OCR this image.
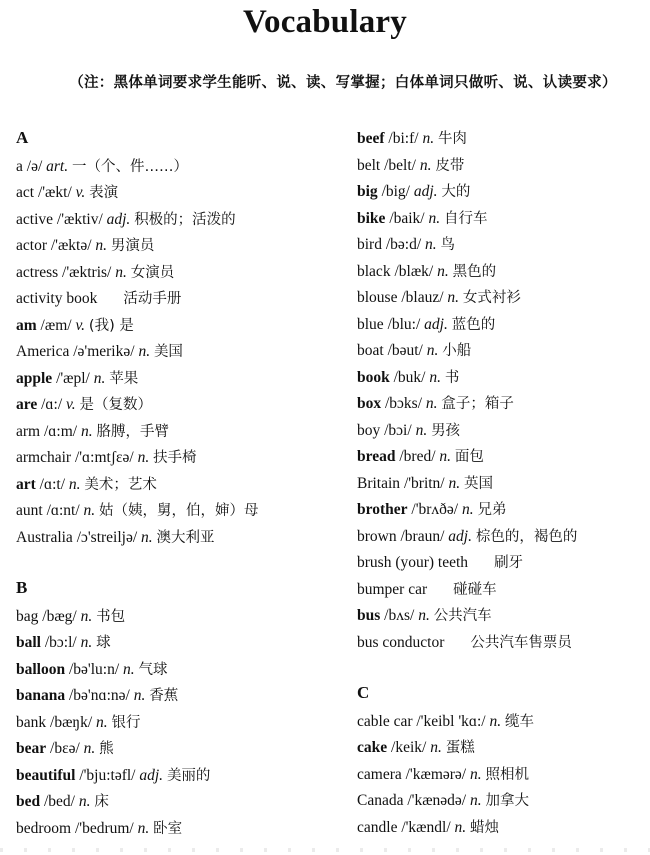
Vocabulary
（注：黑体单词要求学生能听、说、读、写掌握；白体单词只做听、说、认读要求）
A
a /ə/ art. 一（个、件……）
act /'ækt/ v. 表演
active /'æktiv/ adj. 积极的；活泼的
actor /'æktə/ n. 男演员
actress /'æktris/ n. 女演员
activity book 活动手册
am /æm/ v. (我) 是
America /ə'merikə/ n. 美国
apple /'æpl/ n. 苹果
are /ɑ:/ v. 是（复数）
arm /ɑ:m/ n. 胳膊，手臂
armchair /'ɑ:mtʃεə/ n. 扶手椅
art /ɑ:t/ n. 美术；艺术
aunt /ɑ:nt/ n. 姑（姨，舅，伯，婶）母
Australia /ɔ'streiljə/ n. 澳大利亚
B
bag /bæg/ n. 书包
ball /bɔ:l/ n. 球
balloon /bə'lu:n/ n. 气球
banana /bə'nɑ:nə/ n. 香蕉
bank /bæŋk/ n. 银行
bear /bεə/ n. 熊
beautiful /'bju:təfl/ adj. 美丽的
bed /bed/ n. 床
bedroom /'bedrum/ n. 卧室
beef /bi:f/ n. 牛肉
belt /belt/ n. 皮带
big /big/ adj. 大的
bike /baik/ n. 自行车
bird /bə:d/ n. 鸟
black /blæk/ n. 黑色的
blouse /blauz/ n. 女式衬衫
blue /blu:/ adj. 蓝色的
boat /bəut/ n. 小船
book /buk/ n. 书
box /bɔks/ n. 盒子；箱子
boy /bɔi/ n. 男孩
bread /bred/ n. 面包
Britain /'britn/ n. 英国
brother /'brʌðə/ n. 兄弟
brown /braun/ adj. 棕色的，褐色的
brush (your) teeth 刷牙
bumper car 碰碰车
bus /bʌs/ n. 公共汽车
bus conductor 公共汽车售票员
C
cable car /'keibl 'kɑ:/ n. 缆车
cake /keik/ n. 蛋糕
camera /'kæmərə/ n. 照相机
Canada /'kænədə/ n. 加拿大
candle /'kændl/ n. 蜡烛
